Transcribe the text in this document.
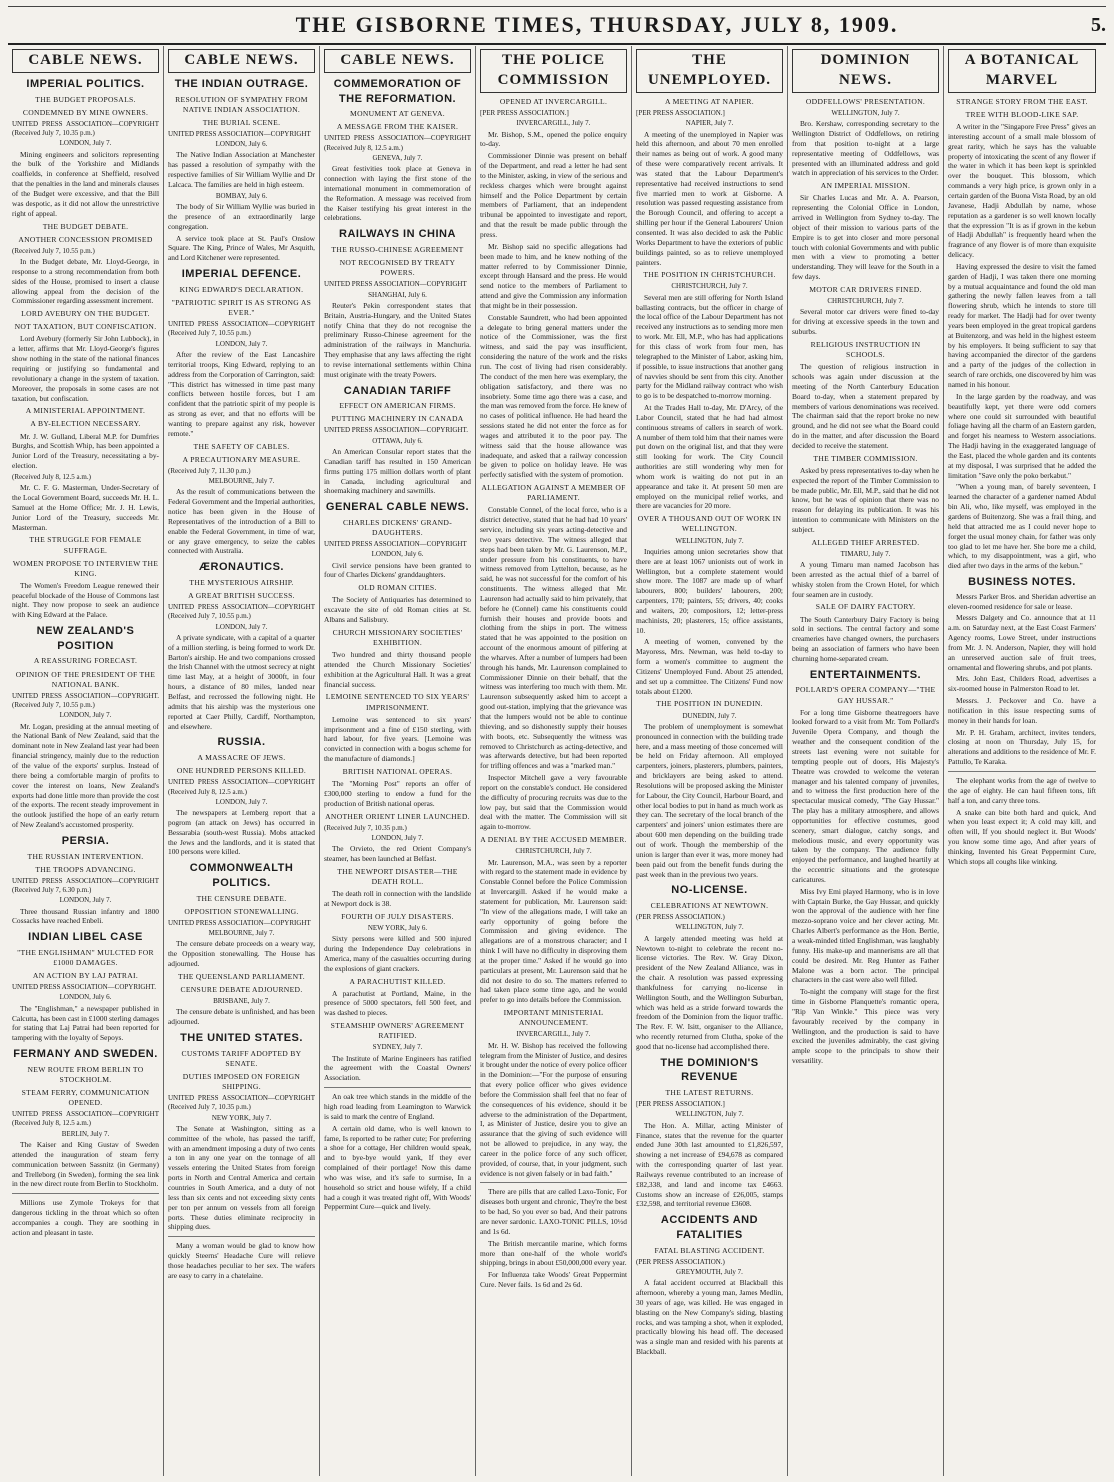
THE GISBORNE TIMES, THURSDAY, JULY 8, 1909.	5.
CABLE NEWS.
IMPERIAL POLITICS.
THE BUDGET PROPOSALS.
CONDEMNED BY MINE OWNERS.

UNITED PRESS ASSOCIATION—COPYRIGHT (Received July 7, 10.35 p.m.)

LONDON, July 7.

Mining engineers and solicitors representing the bulk of the Yorkshire and Midlands coalfields, in conference at Sheffield, resolved that the penalties in the land and minerals clauses of the Budget were excessive, and that the Bill was despotic, as it did not allow the unrestrictive right of appeal.

THE BUDGET DEBATE.
ANOTHER CONCESSION PROMISED

(Received July 7, 10.55 p.m.)

In the Budget debate, Mr. Lloyd-George, in response to a strong recommendation from both sides of the House, promised to insert a clause allowing appeal from the decision of the Commissioner regarding assessment increment.

LORD AVEBURY ON THE BUDGET.
NOT TAXATION, BUT CONFISCATION.

Lord Avebury (formerly Sir John Lubbock), in a letter, affirms that Mr. Lloyd-George's figures show nothing in the state of the national finances requiring or justifying so fundamental and revolutionary a change in the system of taxation. Moreover, the proposals in some cases are not taxation, but confiscation.

A MINISTERIAL APPOINTMENT.
A BY-ELECTION NECESSARY.

Mr. J. W. Gulland, Liberal M.P. for Dumfries Burghs, and Scottish Whip, has been appointed a Junior Lord of the Treasury, necessitating a by-election.

(Received July 8, 12.5 a.m.)

Mr. C. F. G. Masterman, Under-Secretary of the Local Government Board, succeeds Mr. H. L. Samuel at the Home Office; Mr. J. H. Lewis, Junior Lord of the Treasury, succeeds Mr. Masterman.

THE STRUGGLE FOR FEMALE SUFFRAGE.
WOMEN PROPOSE TO INTERVIEW THE KING.

The Women's Freedom League renewed their peaceful blockade of the House of Commons last night. They now propose to seek an audience with King Edward at the Palace.

NEW ZEALAND'S POSITION
A REASSURING FORECAST.
OPINION OF THE PRESIDENT OF THE NATIONAL BANK.

UNITED PRESS ASSOCIATION—COPYRIGHT. (Received July 7, 10.55 p.m.)

LONDON, July 7.

Mr. Logan, presiding at the annual meeting of the National Bank of New Zealand, said that the dominant note in New Zealand last year had been financial stringency, mainly due to the reduction of the value of the exports' surplus. Instead of there being a comfortable margin of profits to cover the interest on loans, New Zealand's exports had done little more than provide the cost of the exports. The recent steady improvement in the outlook justified the hope of an early return of New Zealand's accustomed prosperity.

PERSIA.
THE RUSSIAN INTERVENTION.
THE TROOPS ADVANCING.

UNITED PRESS ASSOCIATION—COPYRIGHT (Received July 7, 6.30 p.m.)

LONDON, July 7.

Three thousand Russian infantry and 1800 Cossacks have reached Enbeli.

INDIAN LIBEL CASE
"THE ENGLISHMAN" MULCTED FOR £1000 DAMAGES.
AN ACTION BY LAJ PATRAI.

UNITED PRESS ASSOCIATION—COPYRIGHT.

LONDON, July 6.

The "Englishman," a newspaper published in Calcutta, has been cast in £1000 sterling damages for stating that Laj Patrai had been reported for tampering with the loyalty of Sepoys.

FERMANY AND SWEDEN.
NEW ROUTE FROM BERLIN TO STOCKHOLM.
STEAM FERRY, COMMUNICATION OPENED.

UNITED PRESS ASSOCIATION—COPYRIGHT (Received July 8, 12.5 a.m.)

BERLIN, July 7.

The Kaiser and King Gustav of Sweden attended the inauguration of steam ferry communication between Sassnitz (in Germany) and Trelleborg (in Sweden), forming the sea link in the new direct route from Berlin to Stockholm.

Millions use Zymole Trokeys for that dangerous tickling in the throat which so often accompanies a cough. They are soothing in action and pleasant in taste.

CABLE NEWS.
THE INDIAN OUTRAGE.
RESOLUTION OF SYMPATHY FROM NATIVE INDIAN ASSOCIATION.
THE BURIAL SCENE.

UNITED PRESS ASSOCIATION—COPYRIGHT

LONDON, July 6.

The Native Indian Association at Manchester has passed a resolution of sympathy with the respective families of Sir William Wyllie and Dr Lalcaca. The families are held in high esteem.

BOMBAY, July 6.

The body of Sir William Wyllie was buried in the presence of an extraordinarily large congregation.

A service took place at St. Paul's Onslow Square. The King, Prince of Wales, Mr Asquith, and Lord Kitchener were represented.

IMPERIAL DEFENCE.
KING EDWARD'S DECLARATION.
"PATRIOTIC SPIRIT IS AS STRONG AS EVER."

UNITED PRESS ASSOCIATION—COPYRIGHT (Received July 7, 10.55 p.m.)

LONDON, July 7.

After the review of the East Lancashire territorial troops, King Edward, replying to an address from the Corporation of Carrington, said: "This district has witnessed in time past many conflicts between hostile forces, but I am confident that the patriotic spirit of my people is as strong as ever, and that no efforts will be wanting to prepare against any risk, however remote."

THE SAFETY OF CABLES.
A PRECAUTIONARY MEASURE.

(Received July 7, 11.30 p.m.)

MELBOURNE, July 7.

As the result of communications between the Federal Government and the Imperial authorities, notice has been given in the House of Representatives of the introduction of a Bill to enable the Federal Government, in time of war, or any grave emergency, to seize the cables connected with Australia.

ÆRONAUTICS.
THE MYSTERIOUS AIRSHIP.
A GREAT BRITISH SUCCESS.

UNITED PRESS ASSOCIATION—COPYRIGHT (Received July 7, 10.55 p.m.)

LONDON, July 7.

A private syndicate, with a capital of a quarter of a million sterling, is being formed to work Dr. Barton's airship. He and two companions crossed the Irish Channel with the utmost secrecy at night time last May, at a height of 3000ft, in four hours, a distance of 80 miles, landed near Belfast, and recrossed the following night. He admits that his airship was the mysterious one reported at Caer Philly, Cardiff, Northampton, and elsewhere.

RUSSIA.
A MASSACRE OF JEWS.
ONE HUNDRED PERSONS KILLED.

UNITED PRESS ASSOCIATION—COPYRIGHT (Received July 8, 12.5 a.m.)

LONDON, July 7.

The newspapers at Lemberg report that a pogrom (an attack on Jews) has occurred in Bessarabia (south-west Russia). Mobs attacked the Jews and the landlords, and it is stated that 100 persons were killed.

COMMONWEALTH POLITICS.
THE CENSURE DEBATE.
OPPOSITION STONEWALLING.

UNITED PRESS ASSOCIATION—COPYRIGHT

MELBOURNE, July 7.

The censure debate proceeds on a weary way, the Opposition stonewalling. The House has adjourned.

THE QUEENSLAND PARLIAMENT.
CENSURE DEBATE ADJOURNED.
BRISBANE, July 7.

The censure debate is unfinished, and has been adjourned.

THE UNITED STATES.
CUSTOMS TARIFF ADOPTED BY SENATE.
DUTIES IMPOSED ON FOREIGN SHIPPING.

UNITED PRESS ASSOCIATION—COPYRIGHT (Received July 7, 10.35 p.m.)

NEW YORK, July 7.

The Senate at Washington, sitting as a committee of the whole, has passed the tariff, with an amendment imposing a duty of two cents a ton in any one year on the tonnage of all vessels entering the United States from foreign ports in North and Central America and certain countries in South America, and a duty of not less than six cents and not exceeding sixty cents per ton per annum on vessels from all foreign ports. These duties eliminate reciprocity in shipping dues.

Many a woman would be glad to know how quickly Steerns' Headache Cure will relieve those headaches peculiar to her sex. The wafers are easy to carry in a chatelaine.

CABLE NEWS.
COMMEMORATION OF THE REFORMATION.
MONUMENT AT GENEVA.
A MESSAGE FROM THE KAISER.

UNITED PRESS ASSOCIATION—COPYRIGHT (Received July 8, 12.5 a.m.)

GENEVA, July 7.

Great festivities took place at Geneva in connection with laying the first stone of the international monument in commemoration of the Reformation. A message was received from the Kaiser testifying his great interest in the celebrations.

RAILWAYS IN CHINA
THE RUSSO-CHINESE AGREEMENT
NOT RECOGNISED BY TREATY POWERS.

UNITED PRESS ASSOCIATION—COPYRIGHT

SHANGHAI, July 6.

Reuter's Pekin correspondent states that Britain, Austria-Hungary, and the United States notify China that they do not recognise the preliminary Russo-Chinese agreement for the administration of the railways in Manchuria. They emphasise that any laws affecting the right to revise international settlements within China must originate with the treaty Powers.

CANADIAN TARIFF
EFFECT ON AMERICAN FIRMS.
PUTTING MACHINERY IN CANADA

UNITED PRESS ASSOCIATION—COPYRIGHT.

OTTAWA, July 6.

An American Consular report states that the Canadian tariff has resulted in 150 American firms putting 175 million dollars worth of plant in Canada, including agricultural and shoemaking machinery and sawmills.

GENERAL CABLE NEWS.
CHARLES DICKENS' GRAND-DAUGHTERS.

UNITED PRESS ASSOCIATION—COPYRIGHT

LONDON, July 6.

Civil service pensions have been granted to four of Charles Dickens' granddaughters.

OLD ROMAN CITIES.

The Society of Antiquaries has determined to excavate the site of old Roman cities at St. Albans and Salisbury.

CHURCH MISSIONARY SOCIETIES' EXHIBITION.

Two hundred and thirty thousand people attended the Church Missionary Societies' exhibition at the Agricultural Hall. It was a great financial success.

LEMOINE SENTENCED TO SIX YEARS' IMPRISONMENT.

Lemoine was sentenced to six years' imprisonment and a fine of £150 sterling, with hard labour, for five years. [Lemoine was convicted in connection with a bogus scheme for the manufacture of diamonds.]

BRITISH NATIONAL OPERAS.

The "Morning Post" reports an offer of £300,000 sterling to endow a fund for the production of British national operas.

ANOTHER ORIENT LINER LAUNCHED.

(Received July 7, 10.35 p.m.)

LONDON, July 7.

The Orvieto, the red Orient Company's steamer, has been launched at Belfast.

THE NEWPORT DISASTER—THE DEATH ROLL.

The death roll in connection with the landslide at Newport dock is 38.

FOURTH OF JULY DISASTERS.
NEW YORK, July 6.

Sixty persons were killed and 500 injured during the Independence Day celebrations in America, many of the casualties occurring during the explosions of giant crackers.

A PARACHUTIST KILLED.

A parachutist at Portland, Maine, in the presence of 5000 spectators, fell 500 feet, and was dashed to pieces.

STEAMSHIP OWNERS' AGREEMENT RATIFIED.
SYDNEY, July 7.

The Institute of Marine Engineers has ratified the agreement with the Coastal Owners' Association.

An oak tree which stands in the middle of the high road leading from Leamington to Warwick is said to mark the centre of England.

A certain old dame, who is well known to fame, Is reported to be rather cute; For preferring a shoe for a cottage, Her children would speak, and to bye-bye would yank, If they ever complained of their portlage! Now this dame who was wise, and it's safe to surmise, In a household so strict and house wifely, If a child had a cough it was treated right off, With Woods' Peppermint Cure—quick and lively.

THE POLICE COMMISSION
OPENED AT INVERCARGILL.

[PER PRESS ASSOCIATION.]

INVERCARGILL, July 7.

Mr. Bishop, S.M., opened the police enquiry to-day.

Commissioner Dinnie was present on behalf of the Department, and read a letter he had sent to the Minister, asking, in view of the serious and reckless charges which were brought against himself and the Police Department by certain members of Parliament, that an independent tribunal be appointed to investigate and report, and that the result be made public through the press.

Mr. Bishop said no specific allegations had been made to him, and he knew nothing of the matter referred to by Commissioner Dinnie, except through Hansard and the press. He would send notice to the members of Parliament to attend and give the Commission any information that might be in their possession.

Constable Saundrett, who had been appointed a delegate to bring general matters under the notice of the Commissioner, was the first witness, and said the pay was insufficient, considering the nature of the work and the risks run. The cost of living had risen considerably. The conduct of the men here was exemplary, the obligation satisfactory, and there was no insobriety. Some time ago there was a case, and the man was removed from the force. He knew of no cases of political influence. He had heard the sessions stated he did not enter the force as for wages and attributed it to the poor pay. The witness said that the house allowance was inadequate, and asked that a railway concession be given to police on holiday leave. He was perfectly satisfied with the system of promotion.

ALLEGATION AGAINST A MEMBER OF PARLIAMENT.

Constable Connel, of the local force, who is a district detective, stated that he had had 10 years' service, including six years acting-detective and two years detective. The witness alleged that steps had been taken by Mr. G. Laurenson, M.P., under pressure from his constituents, to have witness removed from Lyttelton, because, as he said, he was not successful for the comfort of his constituents. The witness alleged that Mr. Laurenson had actually said to him privately, that before he (Connel) came his constituents could furnish their houses and provide boots and clothing from the ships in port. The witness stated that he was appointed to the position on account of the enormous amount of pilfering at the wharves. After a number of lumpers had been through his hands, Mr. Laurenson complained to Commissioner Dinnie on their behalf, that the witness was interfering too much with them. Mr. Laurenson subsequently asked him to accept a good out-station, implying that the grievance was that the lumpers would not be able to continue thieving, and so dishonestly supply their houses with boots, etc. Subsequently the witness was removed to Christchurch as acting-detective, and was afterwards detective, but had been reported for trifling offences and was a "marked man."

Inspector Mitchell gave a very favourable report on the constable's conduct. He considered the difficulty of procuring recruits was due to the low pay, but said that the Commission would deal with the matter. The Commission will sit again to-morrow.

A DENIAL BY THE ACCUSED MEMBER.
CHRISTCHURCH, July 7.

Mr. Laurenson, M.A., was seen by a reporter with regard to the statement made in evidence by Constable Connel before the Police Commission at Invercargill. Asked if he would make a statement for publication, Mr. Laurenson said: "In view of the allegations made, I will take an early opportunity of going before the Commission and giving evidence. The allegations are of a monstrous character; and I think I will have no difficulty in disproving them at the proper time." Asked if he would go into particulars at present, Mr. Laurenson said that he did not desire to do so. The matters referred to had taken place some time ago, and he would prefer to go into details before the Commission.

IMPORTANT MINISTERIAL ANNOUNCEMENT.
INVERCARGILL, July 7.

Mr. H. W. Bishop has received the following telegram from the Minister of Justice, and desires it brought under the notice of every police officer in the Dominion:—"For the purpose of ensuring that every police officer who gives evidence before the Commission shall feel that no fear of the consequences of his evidence, should it be adverse to the administration of the Department, I, as Minister of Justice, desire you to give an assurance that the giving of such evidence will not be allowed to prejudice, in any way, the career in the police force of any such officer, provided, of course, that, in your judgment, such evidence is not given falsely or in bad faith."

There are pills that are called Laxo-Tonic, For diseases both urgent and chronic, They're the best to be had, So you ever so bad, And their patrons are never sardonic. LAXO-TONIC PILLS, 10½d and 1s 6d.

The British mercantile marine, which forms more than one-half of the whole world's shipping, brings in about £50,000,000 every year.

For Influenza take Woods' Great Peppermint Cure. Never fails. 1s 6d and 2s 6d.

THE UNEMPLOYED.
A MEETING AT NAPIER.

[PER PRESS ASSOCIATION.]

NAPIER, July 7.

A meeting of the unemployed in Napier was held this afternoon, and about 70 men enrolled their names as being out of work. A good many of these were comparatively recent arrivals. It was stated that the Labour Department's representative had received instructions to send five married men to work at Gisborne. A resolution was passed requesting assistance from the Borough Council, and offering to accept a shilling per hour if the General Labourers' Union consented. It was also decided to ask the Public Works Department to have the exteriors of public buildings painted, so as to relieve unemployed painters.

THE POSITION IN CHRISTCHURCH.
CHRISTCHURCH, July 7.

Several men are still offering for North Island ballasting contracts, but the officer in charge of the local office of the Labour Department has not received any instructions as to sending more men to work. Mr. Ell, M.P., who has had applications for this class of work from four men, has telegraphed to the Minister of Labor, asking him, if possible, to issue instructions that another gang of navvies should be sent from this city. Another party for the Midland railway contract who wish to go is to be despatched to-morrow morning.

At the Trades Hall to-day, Mr. D'Arcy, of the Labor Council, stated that he had had almost continuous streams of callers in search of work. A number of them told him that their names were put down on the original list, and that they were still looking for work. The City Council authorities are still wondering why men for whom work is waiting do not put in an appearance and take it. At present 50 men are employed on the municipal relief works, and there are vacancies for 20 more.

OVER A THOUSAND OUT OF WORK IN WELLINGTON.
WELLINGTON, July 7.

Inquiries among union secretaries show that there are at least 1067 unionists out of work in Wellington, but a complete statement would show more. The 1087 are made up of wharf labourers, 800; builders' labourers, 200; carpenters, 170; painters, 55; drivers, 40; cooks and waiters, 20; compositors, 12; letter-press machinists, 20; plasterers, 15; office assistants, 10.

A meeting of women, convened by the Mayoress, Mrs. Newman, was held to-day to form a women's committee to augment the Citizens' Unemployed Fund. About 25 attended, and set up a committee. The Citizens' Fund now totals about £1200.

THE POSITION IN DUNEDIN.
DUNEDIN, July 7.

The problem of unemployment is somewhat pronounced in connection with the building trade here, and a mass meeting of those concerned will be held on Friday afternoon. All employed carpenters, joiners, plasterers, plumbers, painters, and bricklayers are being asked to attend. Resolutions will be proposed asking the Minister for Labour, the City Council, Harbour Board, and other local bodies to put in hand as much work as they can. The secretary of the local branch of the carpenters' and joiners' union estimates there are about 600 men depending on the building trade out of work. Though the membership of the union is larger than ever it was, more money had been paid out from the benefit funds during the past week than in the previous two years.

NO-LICENSE.
CELEBRATIONS AT NEWTOWN.

(PER PRESS ASSOCIATION.)

WELLINGTON, July 7.

A largely attended meeting was held at Newtown to-night to celebrate the recent no-license victories. The Rev. W. Gray Dixon, president of the New Zealand Alliance, was in the chair. A resolution was passed expressing thankfulness for carrying no-license in Wellington South, and the Wellington Suburban, which was held as a stride forward towards the freedom of the Dominion from the liquor traffic. The Rev. F. W. Isitt, organiser to the Alliance, who recently returned from Clutha, spoke of the good that no-license had accomplished there.

THE DOMINION'S REVENUE
THE LATEST RETURNS.

[PER PRESS ASSOCIATION.]

WELLINGTON, July 7.

The Hon. A. Millar, acting Minister of Finance, states that the revenue for the quarter ended June 30th last amounted to £1,826,597, showing a net increase of £94,678 as compared with the corresponding quarter of last year. Railways revenue contributed to an increase of £82,338, and land and income tax £4663. Customs show an increase of £26,005, stamps £32,598, and territorial revenue £3608.

ACCIDENTS AND FATALITIES
FATAL BLASTING ACCIDENT.

(PER PRESS ASSOCIATION.)

GREYMOUTH, July 7.

A fatal accident occurred at Blackball this afternoon, whereby a young man, James Medlin, 30 years of age, was killed. He was engaged in blasting on the New Company's siding, blasting rocks, and was tamping a shot, when it exploded, practically blowing his head off. The deceased was a single man and resided with his parents at Blackball.

DOMINION NEWS.
ODDFELLOWS' PRESENTATION.
WELLINGTON, July 7.

Bro. Kershaw, corresponding secretary to the Wellington District of Oddfellows, on retiring from that position to-night at a large representative meeting of Oddfellows, was presented with an illuminated address and gold watch in appreciation of his services to the Order.

AN IMPERIAL MISSION.

Sir Charles Lucas and Mr. A. A. Pearson, representing the Colonial Office in London, arrived in Wellington from Sydney to-day. The object of their mission to various parts of the Empire is to get into closer and more personal touch with colonial Governments and with public men with a view to promoting a better understanding. They will leave for the South in a few days.

MOTOR CAR DRIVERS FINED.
CHRISTCHURCH, July 7.

Several motor car drivers were fined to-day for driving at excessive speeds in the town and suburbs.

RELIGIOUS INSTRUCTION IN SCHOOLS.

The question of religious instruction in schools was again under discussion at the meeting of the North Canterbury Education Board to-day, when a statement prepared by members of various denominations was received. The chairman said that the report broke no new ground, and he did not see what the Board could do in the matter, and after discussion the Board decided to receive the statement.

THE TIMBER COMMISSION.

Asked by press representatives to-day when he expected the report of the Timber Commission to be made public, Mr. Ell, M.P., said that he did not know, but he was of opinion that there was no reason for delaying its publication. It was his intention to communicate with Ministers on the subject.

ALLEGED THIEF ARRESTED.
TIMARU, July 7.

A young Timaru man named Jacobson has been arrested as the actual thief of a barrel of whisky stolen from the Crown Hotel, for which four seamen are in custody.

SALE OF DAIRY FACTORY.

The South Canterbury Dairy Factory is being sold in sections. The central factory and some creameries have changed owners, the purchasers being an association of farmers who have been churning home-separated cream.

ENTERTAINMENTS.
POLLARD'S OPERA COMPANY—"THE GAY HUSSAR."

For a long time Gisborne theatregoers have looked forward to a visit from Mr. Tom Pollard's Juvenile Opera Company, and though the weather and the consequent condition of the streets last evening were not suitable for tempting people out of doors, His Majesty's Theatre was crowded to welcome the veteran manager and his talented company of juveniles, and to witness the first production here of the spectacular musical comedy, "The Gay Hussar." The play has a military atmosphere, and allows opportunities for effective costumes, good scenery, smart dialogue, catchy songs, and melodious music, and every opportunity was taken by the company. The audience fully enjoyed the performance, and laughed heartily at the eccentric situations and the grotesque caricatures.

Miss Ivy Emi played Harmony, who is in love with Captain Burke, the Gay Hussar, and quickly won the approval of the audience with her fine mezzo-soprano voice and her clever acting. Mr. Charles Albert's performance as the Hon. Bertie, a weak-minded titled Englishman, was laughably funny. His make-up and mannerisms are all that could be desired. Mr. Reg Hunter as Father Malone was a born actor. The principal characters in the cast were also well filled.

To-night the company will stage for the first time in Gisborne Planquette's romantic opera, "Rip Van Winkle." This piece was very favourably received by the company in Wellington, and the production is said to have excited the juveniles admirably, the cast giving ample scope to the principals to show their versatility.

A BOTANICAL MARVEL
STRANGE STORY FROM THE EAST.
TREE WITH BLOOD-LIKE SAP.

A writer in the "Singapore Free Press" gives an interesting account of a small male blossom of great rarity, which he says has the valuable property of intoxicating the scent of any flower if the water in which it has been kept is sprinkled over the bouquet. This blossom, which commands a very high price, is grown only in a certain garden of the Buona Vista Road, by an old Javanese, Hadji Abdullah by name, whose reputation as a gardener is so well known locally that the expression "It is as if grown in the kebun of Hadji Abdullah" is frequently heard when the fragrance of any flower is of more than exquisite delicacy.

Having expressed the desire to visit the famed garden of Hadji, I was taken there one morning by a mutual acquaintance and found the old man gathering the newly fallen leaves from a tall flowering shrub, which he intends to store till ready for market. The Hadji had for over twenty years been employed in the great tropical gardens at Buitenzorg, and was held in the highest esteem by his employers. It being sufficient to say that having accompanied the director of the gardens and a party of the judges of the collection in search of rare orchids, one discovered by him was named in his honour.

In the large garden by the roadway, and was beautifully kept, yet there were odd corners where one could sit surrounded with beautiful foliage having all the charm of an Eastern garden, and forget his nearness to Western associations. The Hadji having in the exaggerated language of the East, placed the whole garden and its contents at my disposal, I was surprised that he added the limitation "Save only the poko berkabut."

"When a young man, of barely seventeen, I learned the character of a gardener named Abdul bin Ali, who, like myself, was employed in the gardens of Buitenzorg. She was a frail thing, and held that attracted me as I could never hope to forget the usual money chain, for father was only too glad to let me have her. She bore me a child, which, to my disappointment, was a girl, who died after two days in the arms of the kebun."

BUSINESS NOTES.

Messrs Parker Bros. and Sheridan advertise an eleven-roomed residence for sale or lease.

Messrs Dalgety and Co. announce that at 11 a.m. on Saturday next, at the East Coast Farmers' Agency rooms, Lowe Street, under instructions from Mr. J. N. Anderson, Napier, they will hold an unreserved auction sale of fruit trees, ornamental and flowering shrubs, and pot plants.

Mrs. John East, Childers Road, advertises a six-roomed house in Palmerston Road to let.

Messrs. J. Peckover and Co. have a notification in this issue respecting sums of money in their hands for loan.

Mr. P. H. Graham, architect, invites tenders, closing at noon on Thursday, July 15, for alterations and additions to the residence of Mr. F. Pattullo, Te Karaka.

The elephant works from the age of twelve to the age of eighty. He can haul fifteen tons, lift half a ton, and carry three tons.

A snake can bite both hard and quick, And when you least expect it; A cold may kill, and often will, If you should neglect it. But Woods' you know some time ago, And after years of thinking, Invented his Great Peppermint Cure, Which stops all coughs like winking.
